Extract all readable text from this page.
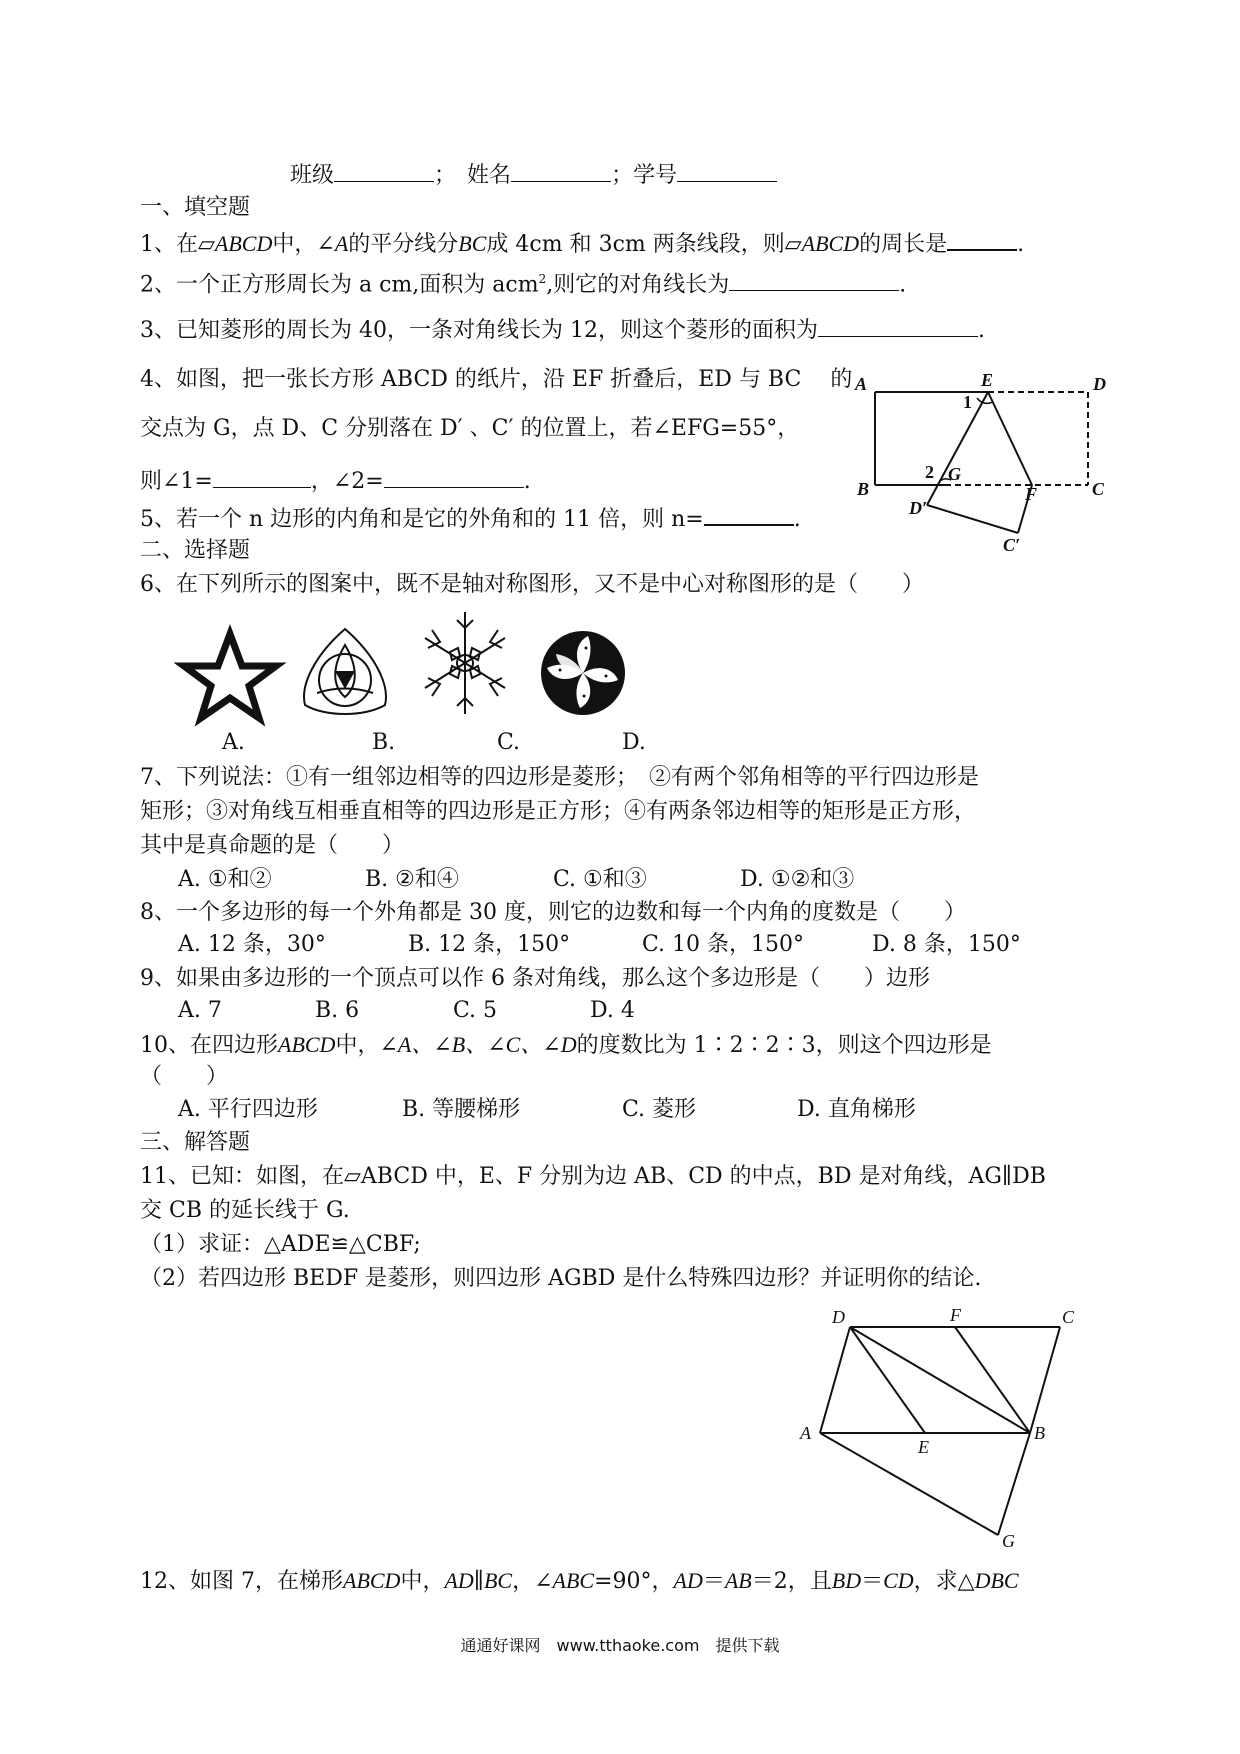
班级	；　 姓名	；学号
一、填空题
1、在▱ABCD中，∠A的平分线分BC成 4cm 和 3cm 两条线段，则▱ABCD的周长是	.
2、一个正方形周长为 a cm,面积为 acm$^2$,则它的对角线长为	.
3、已知菱形的周长为 40，一条对角线长为 12，则这个菱形的面积为	.
4、如图，把一张长方形 ABCD 的纸片，沿 EF 折叠后，ED 与 BC 　的
交点为 G，点 D、C 分别落在 D′ 、C′ 的位置上，若∠EFG=55°，
则∠1=	，∠2=	.
A	E	D
1
2 G
B	F	C
D′
C′
5、若一个 n 边形的内角和是它的外角和的 11 倍，则 n=	.
二、选择题
6、在下列所示的图案中，既不是轴对称图形，又不是中心对称图形的是（　　）
A.	B.	C.	D.
7、下列说法：①有一组邻边相等的四边形是菱形；　②有两个邻角相等的平行四边形是
矩形；③对角线互相垂直相等的四边形是正方形；④有两条邻边相等的矩形是正方形，
其中是真命题的是（　　）
A. ①和②	B. ②和④	C. ①和③	D. ①②和③
8、一个多边形的每一个外角都是 30 度，则它的边数和每一个内角的度数是（　　）
A. 12 条，30°	B. 12 条，150°	C. 10 条，150°	D. 8 条，150°
9、如果由多边形的一个顶点可以作 6 条对角线，那么这个多边形是（　　）边形
A. 7	B. 6	C. 5	D. 4
10、在四边形ABCD中，∠A、∠B、∠C、∠D的度数比为 1∶2∶2∶3，则这个四边形是
（　　）
A. 平行四边形	B. 等腰梯形	C. 菱形	D. 直角梯形
三、解答题
11、已知：如图，在▱ABCD 中，E、F 分别为边 AB、CD 的中点，BD 是对角线，AG∥DB
交 CB 的延长线于 G.
（1）求证：△ADE≌△CBF;
（2）若四边形 BEDF 是菱形，则四边形 AGBD 是什么特殊四边形？并证明你的结论.
D	F	C
A
E
B
G
12、如图 7，在梯形ABCD中，AD∥BC，∠ABC=90°，AD＝AB＝2，且BD＝CD，求△DBC
通通好课网　www.tthaoke.com　提供下载
